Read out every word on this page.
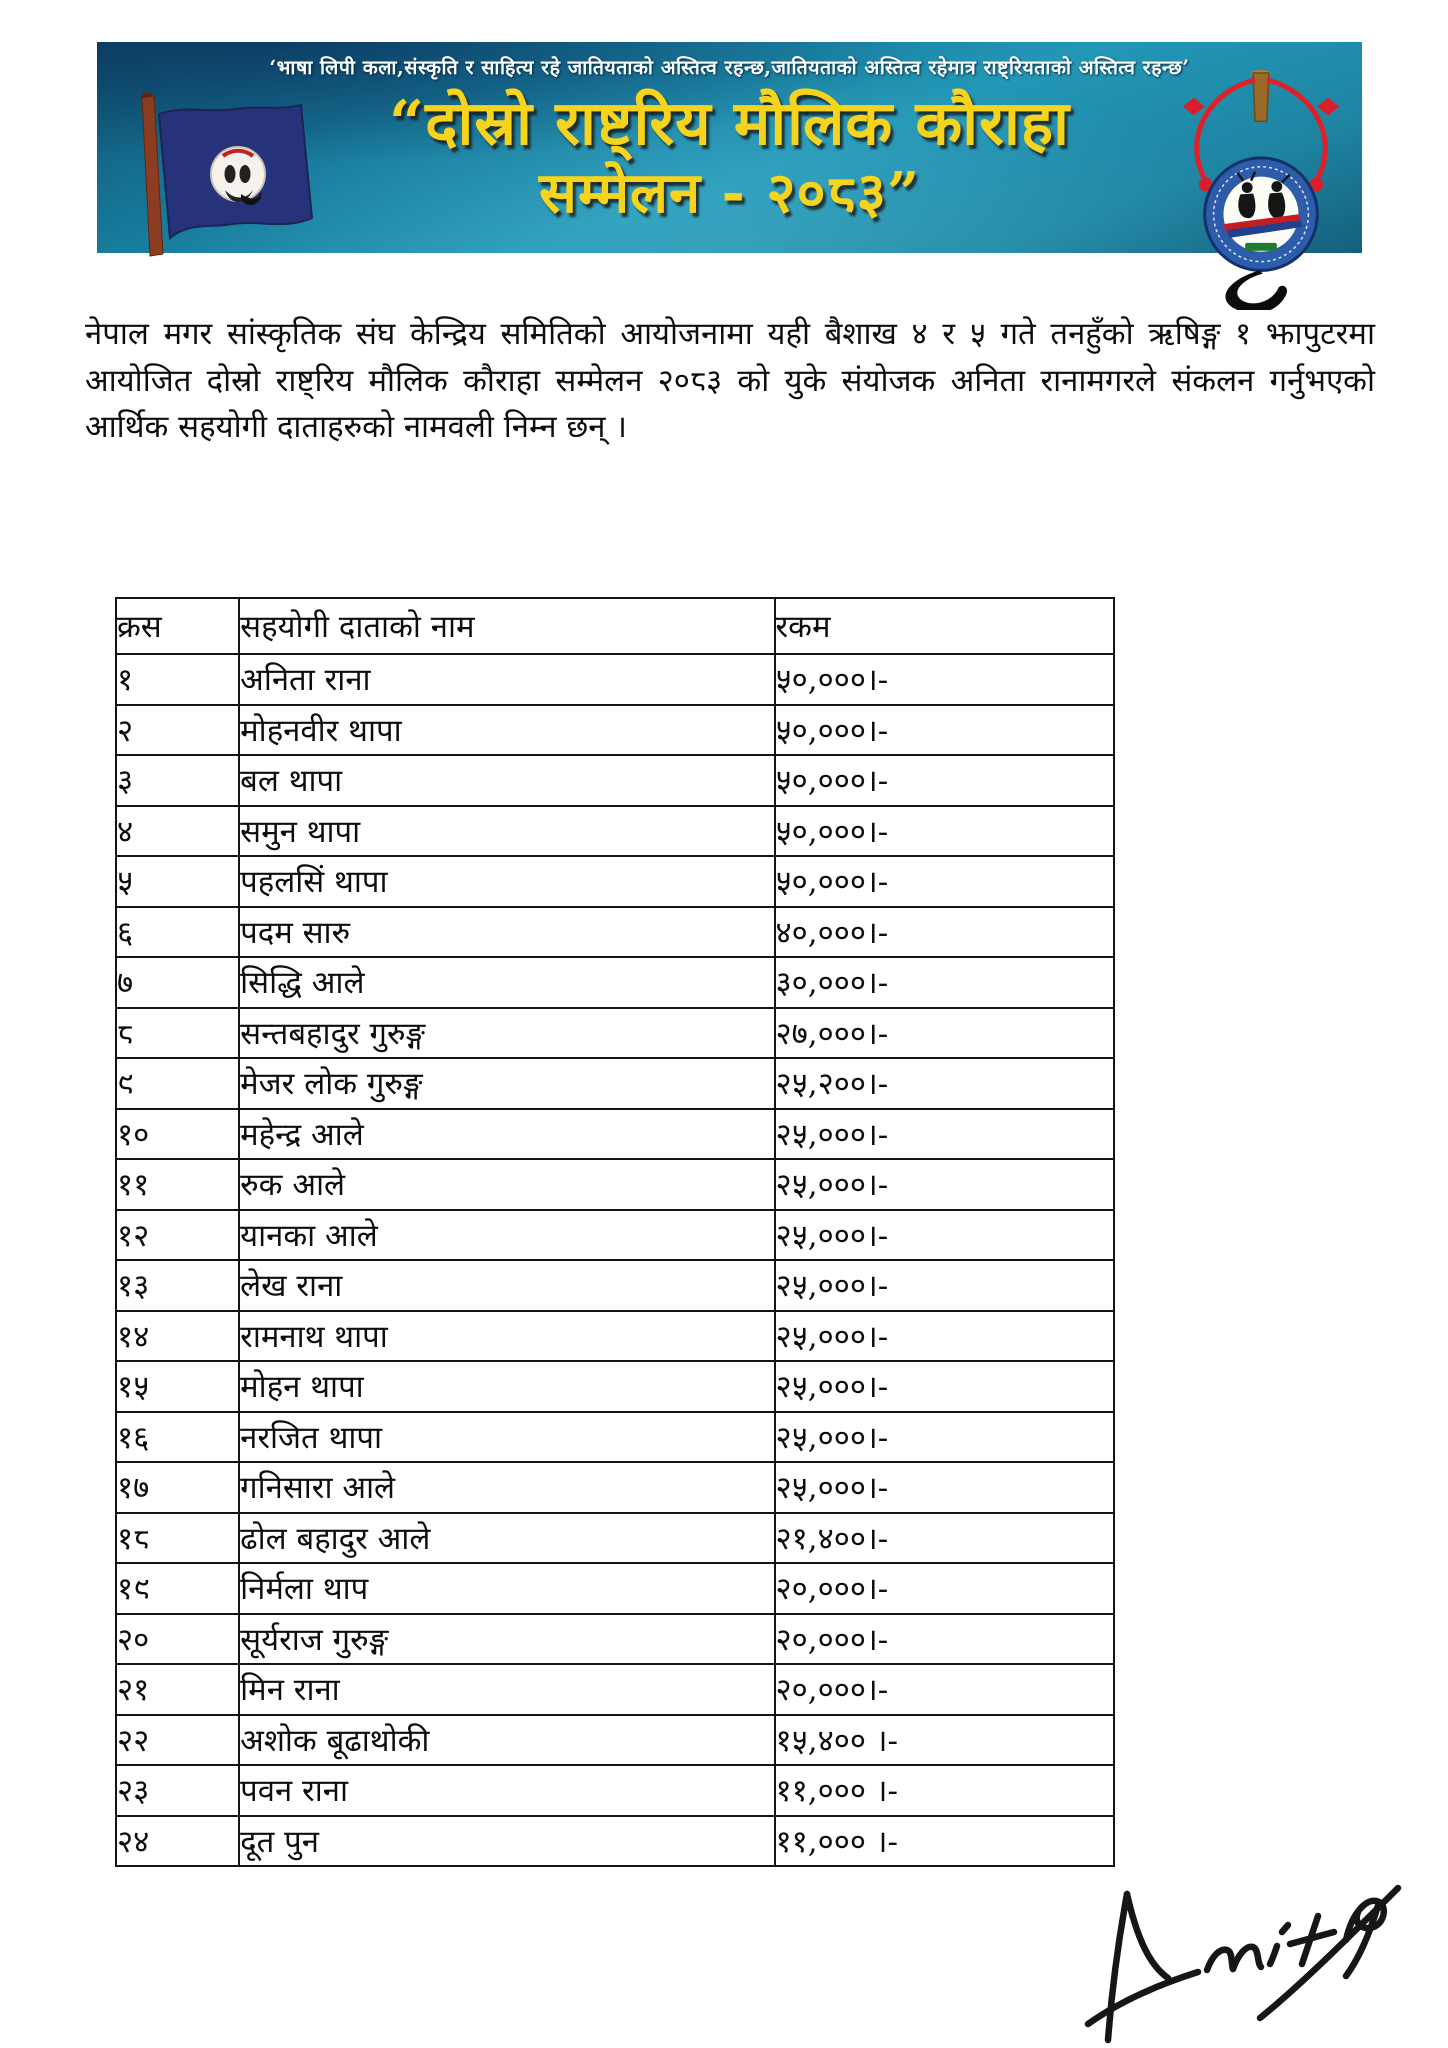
‘भाषा लिपी कला,संस्कृति र साहित्य रहे जातियताको अस्तित्व रहन्छ,जातियताको अस्तित्व रहेमात्र राष्ट्रियताको अस्तित्व रहन्छ’
“दोस्रो राष्ट्रिय मौलिक कौराहा
सम्मेलन - २०८३”

नेपाल मगर सांस्कृतिक संघ केन्द्रिय समितिको आयोजनामा यही बैशाख ४ र ५ गते तनहुँको ऋषिङ्ग १ झापुटरमा आयोजित दोस्रो राष्ट्रिय मौलिक कौराहा सम्मेलन २०८३ को युके संयोजक अनिता रानामगरले संकलन गर्नुभएको आर्थिक सहयोगी दाताहरुको नामवली निम्न छन् ।

क्रस	सहयोगी दाताको नाम	रकम
१	अनिता राना	५०,०००।-
२	मोहनवीर थापा	५०,०००।-
३	बल थापा	५०,०००।-
४	समुन थापा	५०,०००।-
५	पहलसिं थापा	५०,०००।-
६	पदम सारु	४०,०००।-
७	सिद्धि आले	३०,०००।-
८	सन्तबहादुर गुरुङ्ग	२७,०००।-
९	मेजर लोक गुरुङ्ग	२५,२००।-
१०	महेन्द्र आले	२५,०००।-
११	रुक आले	२५,०००।-
१२	यानका आले	२५,०००।-
१३	लेख राना	२५,०००।-
१४	रामनाथ थापा	२५,०००।-
१५	मोहन थापा	२५,०००।-
१६	नरजित थापा	२५,०००।-
१७	गनिसारा आले	२५,०००।-
१८	ढोल बहादुर आले	२१,४००।-
१९	निर्मला थाप	२०,०००।-
२०	सूर्यराज गुरुङ्ग	२०,०००।-
२१	मिन राना	२०,०००।-
२२	अशोक बूढाथोकी	१५,४०० ।-
२३	पवन राना	११,००० ।-
२४	दूत पुन	११,००० ।-
